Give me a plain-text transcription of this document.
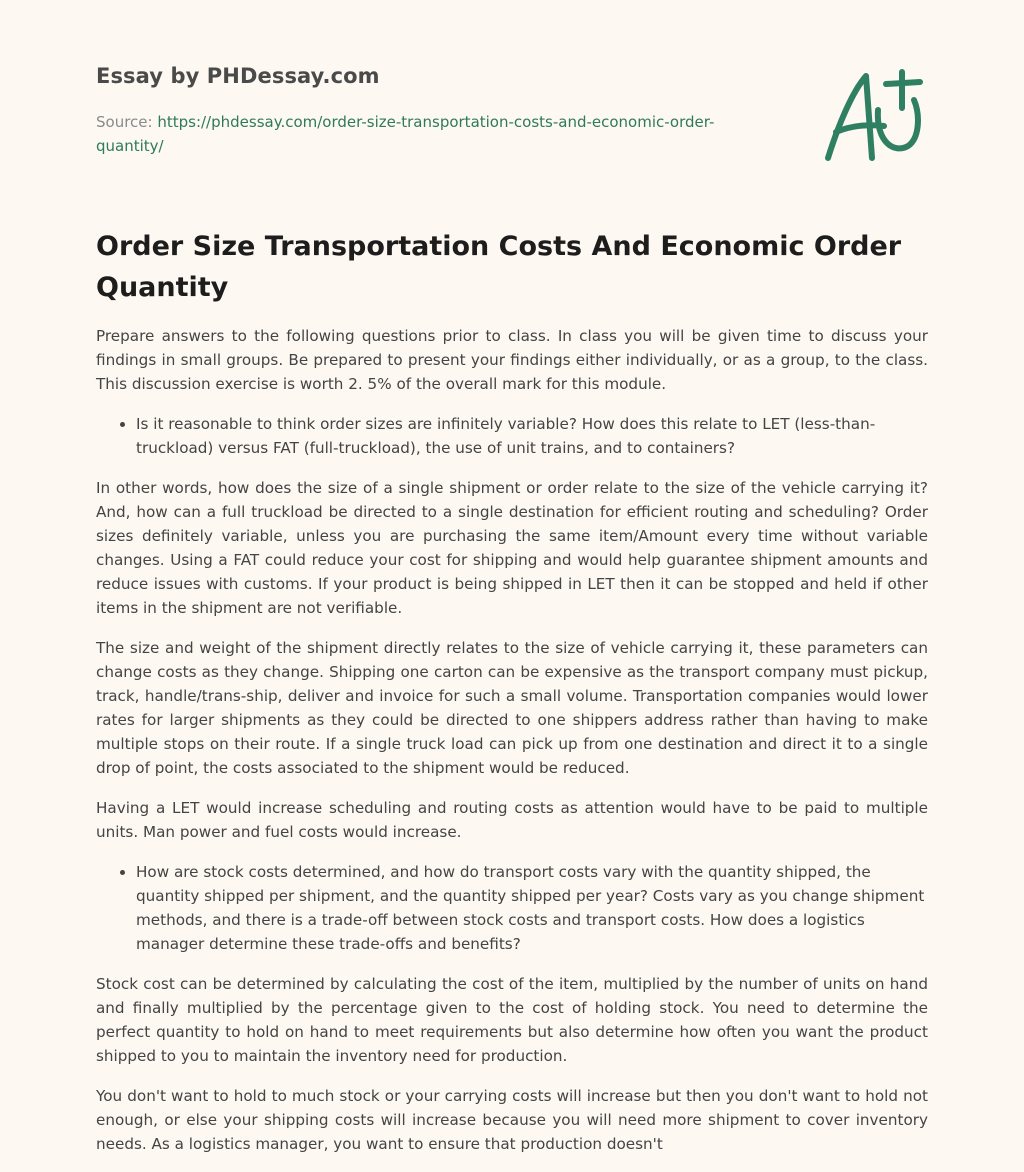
Essay by PHDessay.com
Source: https://phdessay.com/order-size-transportation-costs-and-economic-order-quantity/
Order Size Transportation Costs And Economic Order Quantity

Prepare answers to the following questions prior to class. In class you will be given time to discuss your findings in small groups. Be prepared to present your findings either individually, or as a group, to the class. This discussion exercise is worth 2. 5% of the overall mark for this module.

• Is it reasonable to think order sizes are infinitely variable? How does this relate to LET (less-than-truckload) versus FAT (full-truckload), the use of unit trains, and to containers?

In other words, how does the size of a single shipment or order relate to the size of the vehicle carrying it? And, how can a full truckload be directed to a single destination for efficient routing and scheduling? Order sizes definitely variable, unless you are purchasing the same item/Amount every time without variable changes. Using a FAT could reduce your cost for shipping and would help guarantee shipment amounts and reduce issues with customs. If your product is being shipped in LET then it can be stopped and held if other items in the shipment are not verifiable.

The size and weight of the shipment directly relates to the size of vehicle carrying it, these parameters can change costs as they change. Shipping one carton can be expensive as the transport company must pickup, track, handle/trans-ship, deliver and invoice for such a small volume. Transportation companies would lower rates for larger shipments as they could be directed to one shippers address rather than having to make multiple stops on their route. If a single truck load can pick up from one destination and direct it to a single drop of point, the costs associated to the shipment would be reduced.

Having a LET would increase scheduling and routing costs as attention would have to be paid to multiple units. Man power and fuel costs would increase.

• How are stock costs determined, and how do transport costs vary with the quantity shipped, the quantity shipped per shipment, and the quantity shipped per year? Costs vary as you change shipment methods, and there is a trade-off between stock costs and transport costs. How does a logistics manager determine these trade-offs and benefits?

Stock cost can be determined by calculating the cost of the item, multiplied by the number of units on hand and finally multiplied by the percentage given to the cost of holding stock. You need to determine the perfect quantity to hold on hand to meet requirements but also determine how often you want the product shipped to you to maintain the inventory need for production.

You don't want to hold to much stock or your carrying costs will increase but then you don't want to hold not enough, or else your shipping costs will increase because you will need more shipment to cover inventory needs. As a logistics manager, you want to ensure that production doesn't
